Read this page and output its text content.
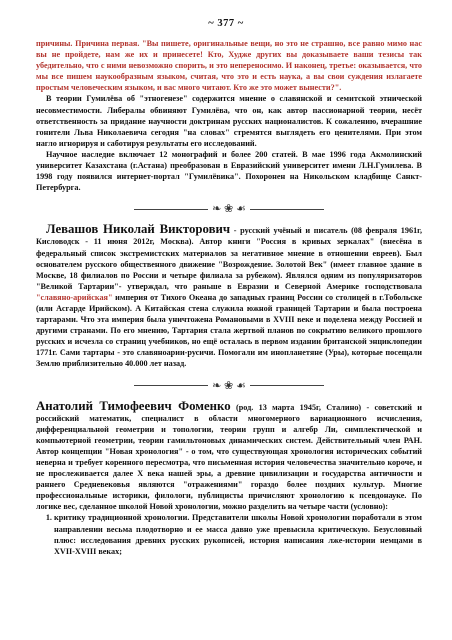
~ 377 ~

причины. Причина первая. "Вы пишете, оригинальные вещи, но это не страшно, все равно мимо нас вы не пройдете, нам же их и принесете! Кто, Худже других вы доказываете ваши тезисы так убедительно, что с ними невозможно спорить, и это непереносимо. И наконец, третье: оказывается, что мы все пишем наукообразным языком, считая, что это и есть наука, а вы свои суждения излагаете простым человеческим языком, и вас много читают. Кто же это может вынести?".

В теории Гумилёва об "этногенезе" содержится мнение о славянской и семитской этнической несовместимости. Либералы обвиняют Гумилёва, что он, как автор пассионарной теории, несёт ответственность за придание научности доктринам русских националистов. К сожалению, вчерашние гонители Льва Николаевича сегодня "на словах" стремятся выглядеть его ценителями. При этом нагло игнорируя и саботируя результаты его исследований.

Научное наследие включает 12 монографий и более 200 статей. В мае 1996 года Акмолинский университет Казахстана (г.Астана) преобразован в Евразийский университет имени Л.Н.Гумилева. В 1998 году появился интернет-портал "Гумилёвика". Похоронен на Никольском кладбище Санкт-Петербурга.

❧ ❀ ☙

Левашов Николай Викторович - русский учёный и писатель (08 февраля 1961г, Кисловодск - 11 июня 2012г, Москва). Автор книги "Россия в кривых зеркалах" (внесёна в федеральный список экстремистских материалов за негативное мнение в отношении евреев). Был основателем русского общественного движение "Возрождение. Золотой Век" (имеет главное здание в Москве, 18 филиалов по России и четыре филиала за рубежом). Являлся одним из популяризаторов "Великой Тартарии"- утверждал, что раньше в Евразии и Северной Америке господствовала "славяно-арийская" империя от Тихого Океана до западных границ России со столицей в г.Тобольске (или Асгарде Ирийском). А Китайская стена служила южной границей Тартарии и была построена тартарами. Что эта империя была уничтожена Романовыми в XVIII веке и поделена между Россией и другими странами. По его мнению, Тартария стала жертвой планов по сокрытию великого прошлого русских и исчезла со страниц учебников, но ещё осталась в первом издании британской энциклопедии 1771г. Сами тартары - это славяноарии-русичи. Помогали им инопланетяне (Уры), которые посещали Землю приблизительно 40.000 лет назад.

❧ ❀ ☙

Анатолий Тимофеевич Фоменко (род. 13 марта 1945г, Сталино) - советский и российский математик, специалист в области многомерного вариационного исчисления, дифференциальной геометрии и топологии, теории групп и алгебр Ли, симплектической и компьютерной геометрии, теории гамильтоновых динамических систем. Действительный член РАН. Автор концепции "Новая хронология" - о том, что существующая хронология исторических событий неверна и требует коренного пересмотра, что письменная история человечества значительно короче, и не прослеживается далее X века нашей эры, а древние цивилизации и государства античности и раннего Средневековья являются "отражениями" гораздо более поздних культур. Многие профессиональные историки, филологи, публицисты причисляют хронологию к псевдонауке. По логике вес, сделанное школой Новой хронологии, можно разделить на четыре части (условно):

1. критику традиционной хронологии. Представители школы Новой хронологии поработали в этом направлении весьма плодотворно и ее масса давно уже превысила критическую. Безусловный плюс: исследования древних русских рукописей, история написания лже-истории немцами в XVII-XVIII веках;
